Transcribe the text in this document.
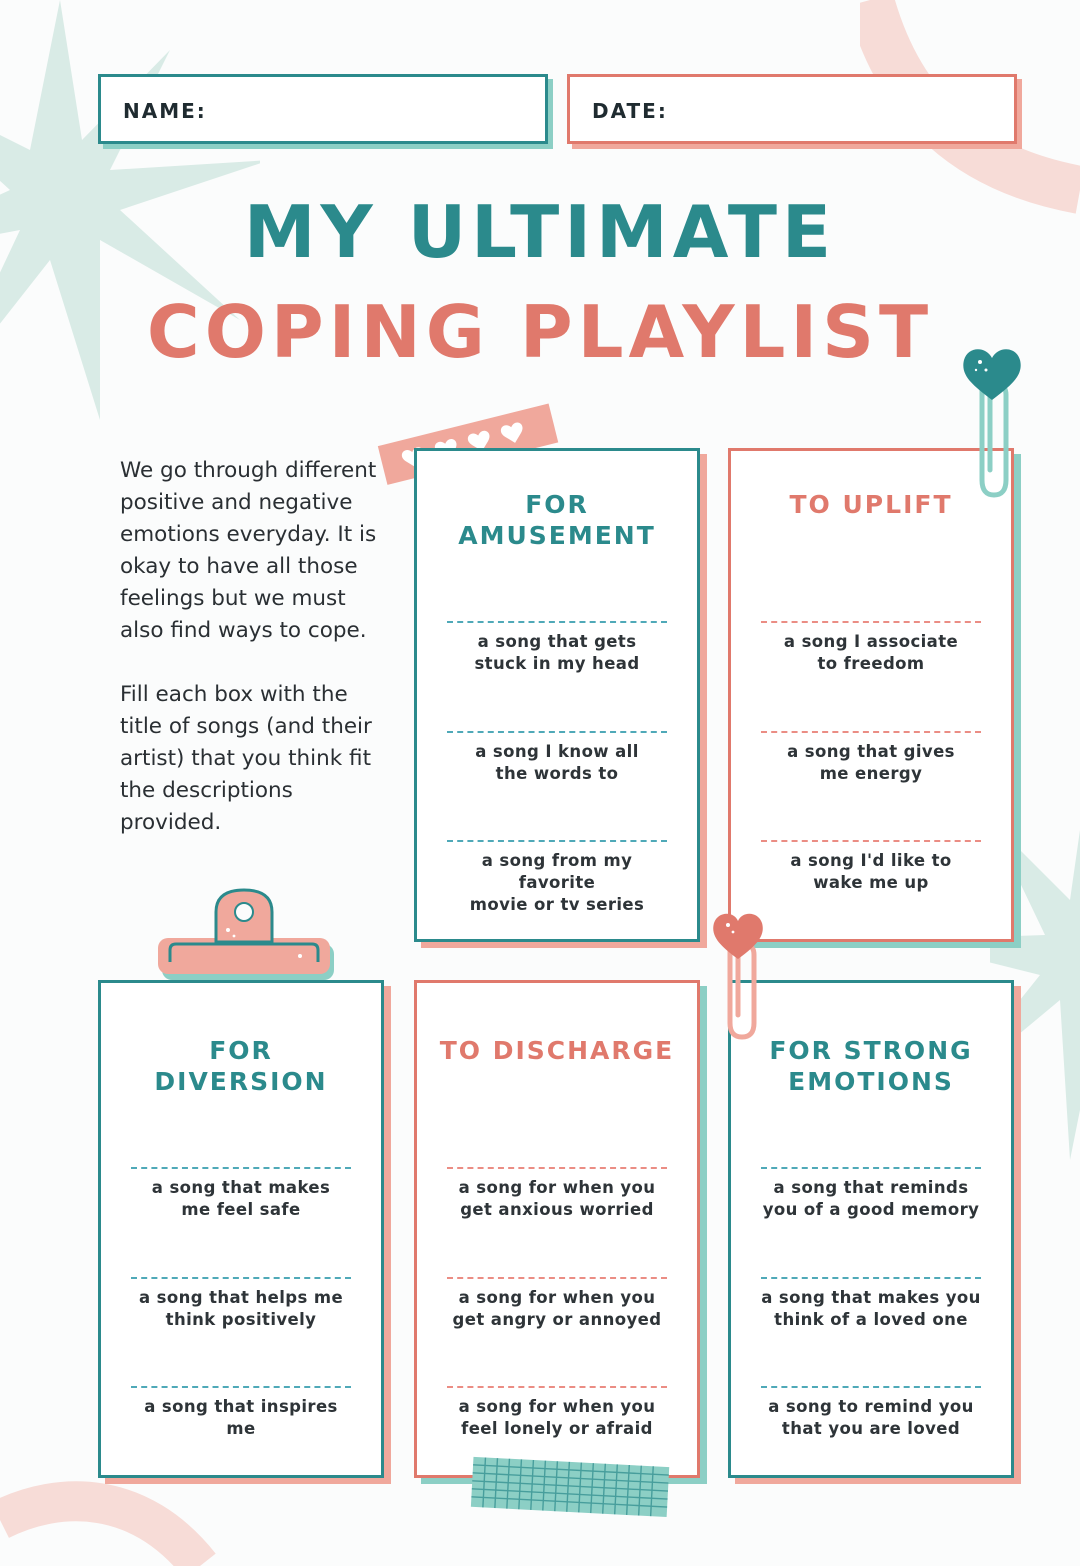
NAME:	DATE:
MY ULTIMATE
COPING PLAYLIST

We go through different positive and negative emotions everyday. It is okay to have all those feelings but we must also find ways to cope.

Fill each box with the title of songs (and their artist) that you think fit the descriptions provided.

FOR
AMUSEMENT
a song that gets
stuck in my head
a song I know all
the words to
a song from my favorite
movie or tv series
TO UPLIFT
a song I associate
to freedom
a song that gives
me energy
a song I'd like to
wake me up
FOR
DIVERSION
a song that makes
me feel safe
a song that helps me
think positively
a song that inspires me
TO DISCHARGE
a song for when you
get anxious worried
a song for when you
get angry or annoyed
a song for when you
feel lonely or afraid
FOR STRONG
EMOTIONS
a song that reminds
you of a good memory
a song that makes you
think of a loved one
a song to remind you
that you are loved
